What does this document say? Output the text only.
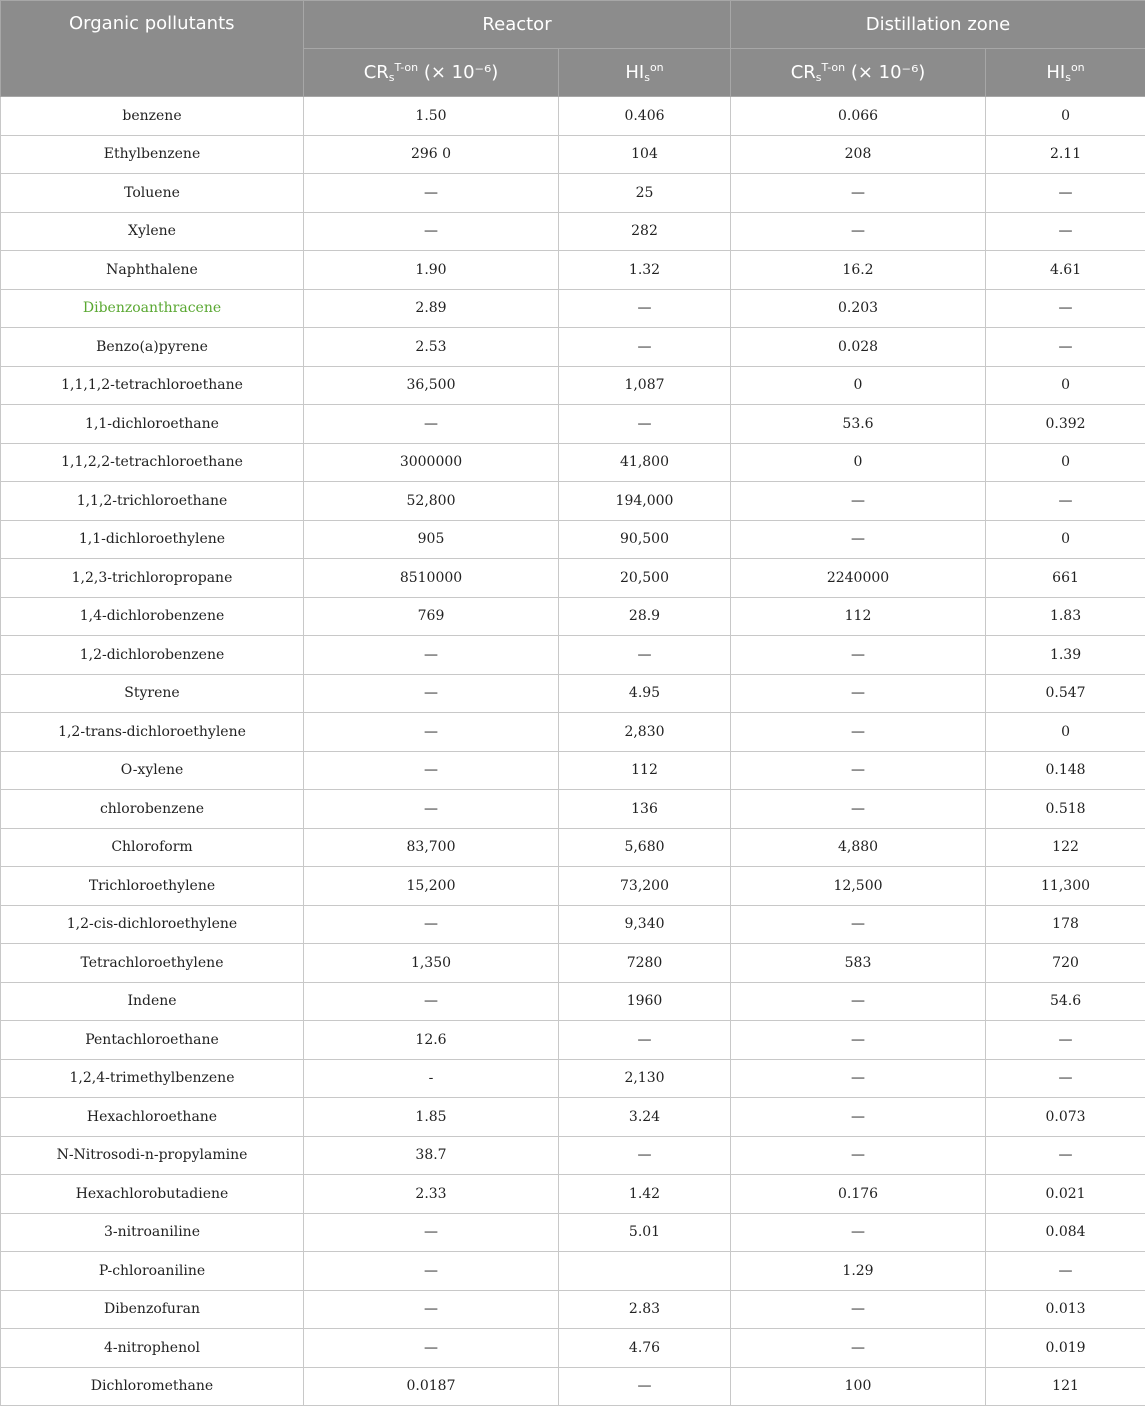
Organic pollutants	Reactor		Distillation zone	
	$CR_s^{T-on}$ (× 10⁻⁶)	$HI_s^{on}$	$CR_s^{T-on}$ (× 10⁻⁶)	$HI_s^{on}$
benzene	1.50	0.406	0.066	0
Ethylbenzene	296 0	104	208	2.11
Toluene	—	25	—	—
Xylene	—	282	—	—
Naphthalene	1.90	1.32	16.2	4.61
Dibenzoanthracene	2.89	—	0.203	—
Benzo(a)pyrene	2.53	—	0.028	—
1,1,1,2-tetrachloroethane	36,500	1,087	0	0
1,1-dichloroethane	—	—	53.6	0.392
1,1,2,2-tetrachloroethane	3000000	41,800	0	0
1,1,2-trichloroethane	52,800	194,000	—	—
1,1-dichloroethylene	905	90,500	—	0
1,2,3-trichloropropane	8510000	20,500	2240000	661
1,4-dichlorobenzene	769	28.9	112	1.83
1,2-dichlorobenzene	—	—	—	1.39
Styrene	—	4.95	—	0.547
1,2-trans-dichloroethylene	—	2,830	—	0
O-xylene	—	112	—	0.148
chlorobenzene	—	136	—	0.518
Chloroform	83,700	5,680	4,880	122
Trichloroethylene	15,200	73,200	12,500	11,300
1,2-cis-dichloroethylene	—	9,340	—	178
Tetrachloroethylene	1,350	7280	583	720
Indene	—	1960	—	54.6
Pentachloroethane	12.6	—	—	—
1,2,4-trimethylbenzene	-	2,130	—	—
Hexachloroethane	1.85	3.24	—	0.073
N-Nitrosodi-n-propylamine	38.7	—	—	—
Hexachlorobutadiene	2.33	1.42	0.176	0.021
3-nitroaniline	—	5.01	—	0.084
P-chloroaniline	—		1.29	—
Dibenzofuran	—	2.83	—	0.013
4-nitrophenol	—	4.76	—	0.019
Dichloromethane	0.0187	—	100	121
